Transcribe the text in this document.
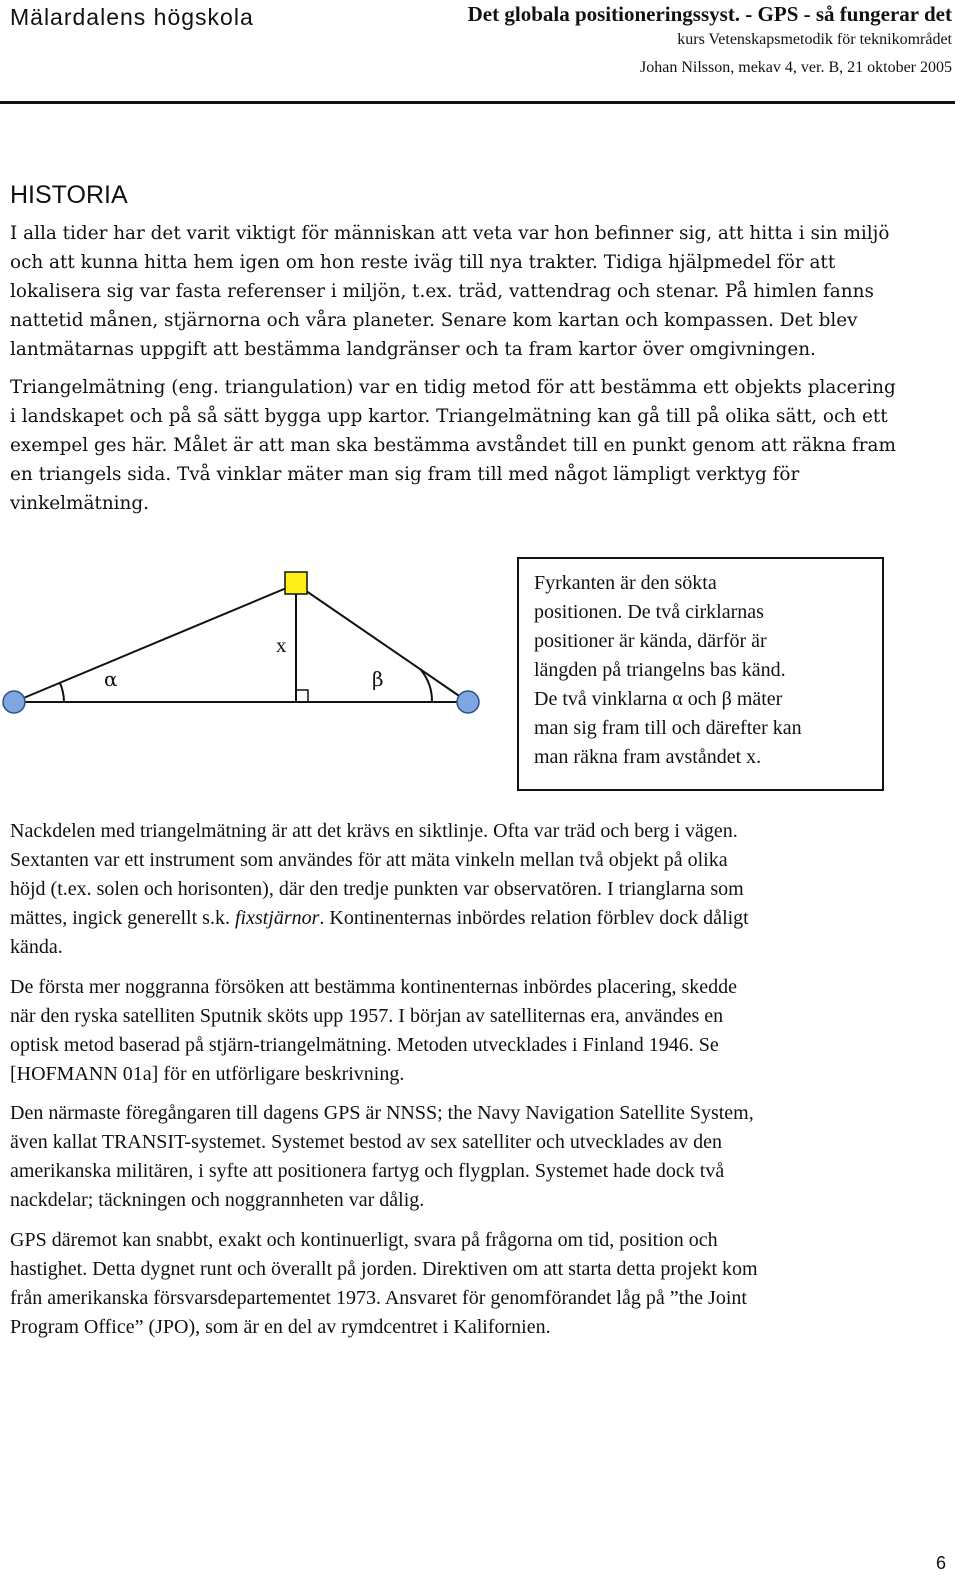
Mälardalens högskola	Det globala positioneringssyst. - GPS - så fungerar det
kurs Vetenskapsmetodik för teknikområdet
Johan Nilsson, mekav 4, ver. B, 21 oktober 2005
HISTORIA

I alla tider har det varit viktigt för människan att veta var hon befinner sig, att hitta i sin miljö
och att kunna hitta hem igen om hon reste iväg till nya trakter. Tidiga hjälpmedel för att
lokalisera sig var fasta referenser i miljön, t.ex. träd, vattendrag och stenar. På himlen fanns
nattetid månen, stjärnorna och våra planeter. Senare kom kartan och kompassen. Det blev
lantmätarnas uppgift att bestämma landgränser och ta fram kartor över omgivningen.

Triangelmätning (eng. triangulation) var en tidig metod för att bestämma ett objekts placering
i landskapet och på så sätt bygga upp kartor. Triangelmätning kan gå till på olika sätt, och ett
exempel ges här. Målet är att man ska bestämma avståndet till en punkt genom att räkna fram
en triangels sida. Två vinklar mäter man sig fram till med något lämpligt verktyg för
vinkelmätning.

α	β
x

Fyrkanten är den sökta
positionen. De två cirklarnas
positioner är kända, därför är
längden på triangelns bas känd.
De två vinklarna α och β mäter
man sig fram till och därefter kan
man räkna fram avståndet x.

Nackdelen med triangelmätning är att det krävs en siktlinje. Ofta var träd och berg i vägen.
Sextanten var ett instrument som användes för att mäta vinkeln mellan två objekt på olika
höjd (t.ex. solen och horisonten), där den tredje punkten var observatören. I trianglarna som
mättes, ingick generellt s.k. fixstjärnor. Kontinenternas inbördes relation förblev dock dåligt
kända.

De första mer noggranna försöken att bestämma kontinenternas inbördes placering, skedde
när den ryska satelliten Sputnik sköts upp 1957. I början av satelliternas era, användes en
optisk metod baserad på stjärn-triangelmätning. Metoden utvecklades i Finland 1946. Se
[HOFMANN 01a] för en utförligare beskrivning.

Den närmaste föregångaren till dagens GPS är NNSS; the Navy Navigation Satellite System,
även kallat TRANSIT-systemet. Systemet bestod av sex satelliter och utvecklades av den
amerikanska militären, i syfte att positionera fartyg och flygplan. Systemet hade dock två
nackdelar; täckningen och noggrannheten var dålig.

GPS däremot kan snabbt, exakt och kontinuerligt, svara på frågorna om tid, position och
hastighet. Detta dygnet runt och överallt på jorden. Direktiven om att starta detta projekt kom
från amerikanska försvarsdepartementet 1973. Ansvaret för genomförandet låg på ”the Joint
Program Office” (JPO), som är en del av rymdcentret i Kalifornien.

6
